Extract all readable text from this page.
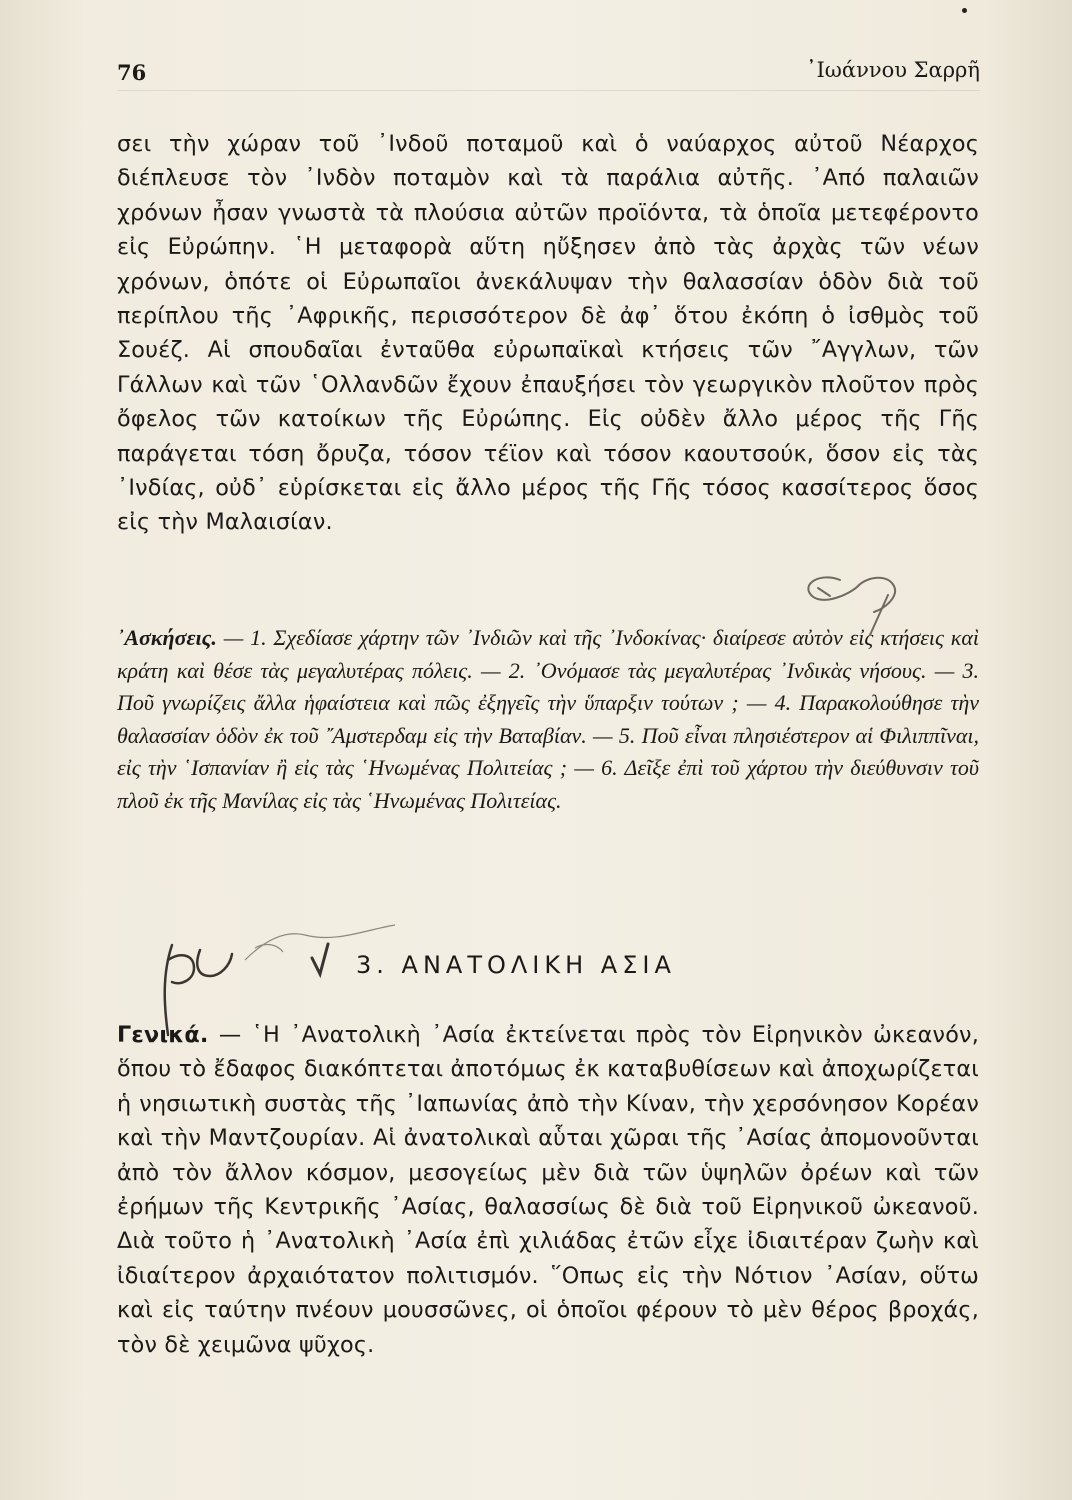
76	᾿Ιωάννου Σαρρῆ
σει τὴν χώραν τοῦ ᾿Ινδοῦ ποταμοῦ καὶ ὁ ναύαρχος αὐτοῦ Νέαρχος διέπλευσε τὸν ᾿Ινδὸν ποταμὸν καὶ τὰ παράλια αὐτῆς. ᾿Από παλαιῶν χρόνων ἦσαν γνωστὰ τὰ πλούσια αὐτῶν προϊόντα, τὰ ὁποῖα μετεφέροντο εἰς Εὐρώπην. ῾Η μεταφορὰ αὕτη ηὔξησεν ἀπὸ τὰς ἀρχὰς τῶν νέων χρόνων, ὁπότε οἱ Εὐρωπαῖοι ἀνεκάλυψαν τὴν θαλασσίαν ὁδὸν διὰ τοῦ περίπλου τῆς ᾿Αφρικῆς, περισσότερον δὲ ἀφ᾿ ὅτου ἐκόπη ὁ ἰσθμὸς τοῦ Σουέζ. Αἱ σπουδαῖαι ἐνταῦθα εὐρωπαϊκαὶ κτήσεις τῶν ῎Αγγλων, τῶν Γάλλων καὶ τῶν ῾Ολλανδῶν ἔχουν ἐπαυξήσει τὸν γεωργικὸν πλοῦτον πρὸς ὄφελος τῶν κατοίκων τῆς Εὐρώπης. Εἰς οὐδὲν ἄλλο μέρος τῆς Γῆς παράγεται τόση ὄρυζα, τόσον τέϊον καὶ τόσον καουτσούκ, ὅσον εἰς τὰς ᾿Ινδίας, οὐδ᾿ εὑρίσκεται εἰς ἄλλο μέρος τῆς Γῆς τόσος κασσίτερος ὅσος εἰς τὴν Μαλαισίαν.
᾿Ασκήσεις. — 1. Σχεδίασε χάρτην τῶν ᾿Ινδιῶν καὶ τῆς ᾿Ινδοκίνας· διαίρεσε αὐτὸν εἰς κτήσεις καὶ κράτη καὶ θέσε τὰς μεγαλυτέρας πόλεις. — 2. ᾿Ονόμασε τὰς μεγαλυτέρας ᾿Ινδικὰς νήσους. — 3. Ποῦ γνωρίζεις ἄλλα ἡφαίστεια καὶ πῶς ἐξηγεῖς τὴν ὕπαρξιν τούτων ; — 4. Παρακολούθησε τὴν θαλασσίαν ὁδὸν ἐκ τοῦ ῎Αμστερδαμ εἰς τὴν Βαταβίαν. — 5. Ποῦ εἶναι πλησιέστερον αἱ Φιλιππῖναι, εἰς τὴν ῾Ισπανίαν ἢ εἰς τὰς ῾Ηνωμένας Πολιτείας ; — 6. Δεῖξε ἐπὶ τοῦ χάρτου τὴν διεύθυνσιν τοῦ πλοῦ ἐκ τῆς Μανίλας εἰς τὰς ῾Ηνωμένας Πολιτείας.
3. ΑΝΑΤΟΛΙΚΗ ΑΣΙΑ
Γενικά. — ῾Η ᾿Ανατολικὴ ᾿Ασία ἐκτείνεται πρὸς τὸν Εἰρηνικὸν ὠκεανόν, ὅπου τὸ ἔδαφος διακόπτεται ἀποτόμως ἐκ καταβυθίσεων καὶ ἀποχωρίζεται ἡ νησιωτικὴ συστὰς τῆς ᾿Ιαπωνίας ἀπὸ τὴν Κίναν, τὴν χερσόνησον Κορέαν καὶ τὴν Μαντζουρίαν. Αἱ ἀνατολικαὶ αὗται χῶραι τῆς ᾿Ασίας ἀπομονοῦνται ἀπὸ τὸν ἄλλον κόσμον, μεσογείως μὲν διὰ τῶν ὑψηλῶν ὀρέων καὶ τῶν ἐρήμων τῆς Κεντρικῆς ᾿Ασίας, θαλασσίως δὲ διὰ τοῦ Εἰρηνικοῦ ὠκεανοῦ. Διὰ τοῦτο ἡ ᾿Ανατολικὴ ᾿Ασία ἐπὶ χιλιάδας ἐτῶν εἶχε ἰδιαιτέραν ζωὴν καὶ ἰδιαίτερον ἀρχαιότατον πολιτισμόν. ῞Οπως εἰς τὴν Νότιον ᾿Ασίαν, οὕτω καὶ εἰς ταύτην πνέουν μουσσῶνες, οἱ ὁποῖοι φέρουν τὸ μὲν θέρος βροχάς, τὸν δὲ χειμῶνα ψῦχος.
